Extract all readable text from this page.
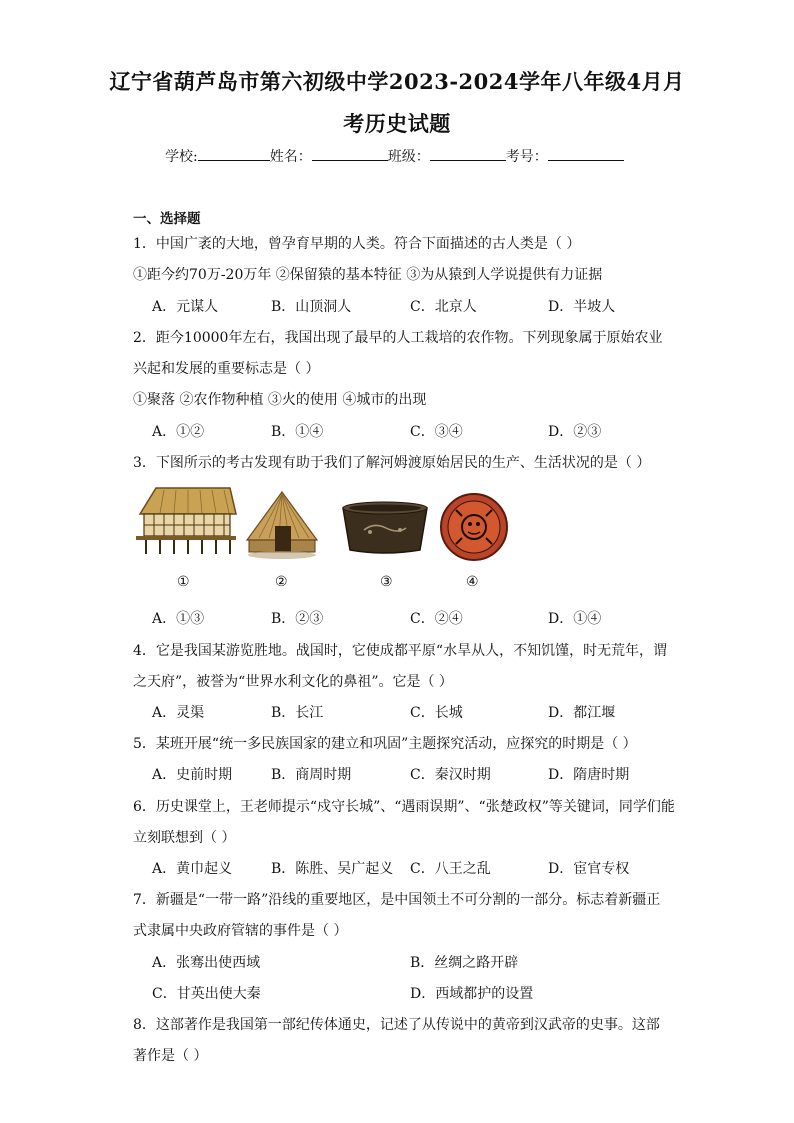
辽宁省葫芦岛市第六初级中学2023-2024学年八年级4月月
考历史试题
学校:	姓名：	班级：	考号：
一、选择题
1．中国广袤的大地，曾孕育早期的人类。符合下面描述的古人类是（ ）
①距今约70万-20万年 ②保留猿的基本特征 ③为从猿到人学说提供有力证据
A．元谋人	B．山顶洞人	C．北京人	D．半坡人
2．距今10000年左右，我国出现了最早的人工栽培的农作物。下列现象属于原始农业
兴起和发展的重要标志是（ ）
①聚落 ②农作物种植 ③火的使用 ④城市的出现
A．①②	B．①④	C．③④	D．②③
3．下图所示的考古发现有助于我们了解河姆渡原始居民的生产、生活状况的是（ ）
①	②	③	④
A．①③	B．②③	C．②④	D．①④
4．它是我国某游览胜地。战国时，它使成都平原“水旱从人，不知饥馑，时无荒年，谓
之天府”，被誉为“世界水利文化的鼻祖”。它是（ ）
A．灵渠	B．长江	C．长城	D．都江堰
5．某班开展“统一多民族国家的建立和巩固”主题探究活动，应探究的时期是（ ）
A．史前时期	B．商周时期	C．秦汉时期	D．隋唐时期
6．历史课堂上，王老师提示“戍守长城”、“遇雨误期”、“张楚政权”等关键词，同学们能
立刻联想到（ ）
A．黄巾起义	B．陈胜、吴广起义 C．八王之乱	D．宦官专权
7．新疆是“一带一路”沿线的重要地区，是中国领土不可分割的一部分。标志着新疆正
式隶属中央政府管辖的事件是（ ）
A．张骞出使西域	B．丝绸之路开辟
C．甘英出使大秦	D．西域都护的设置
8．这部著作是我国第一部纪传体通史，记述了从传说中的黄帝到汉武帝的史事。这部
著作是（ ）
